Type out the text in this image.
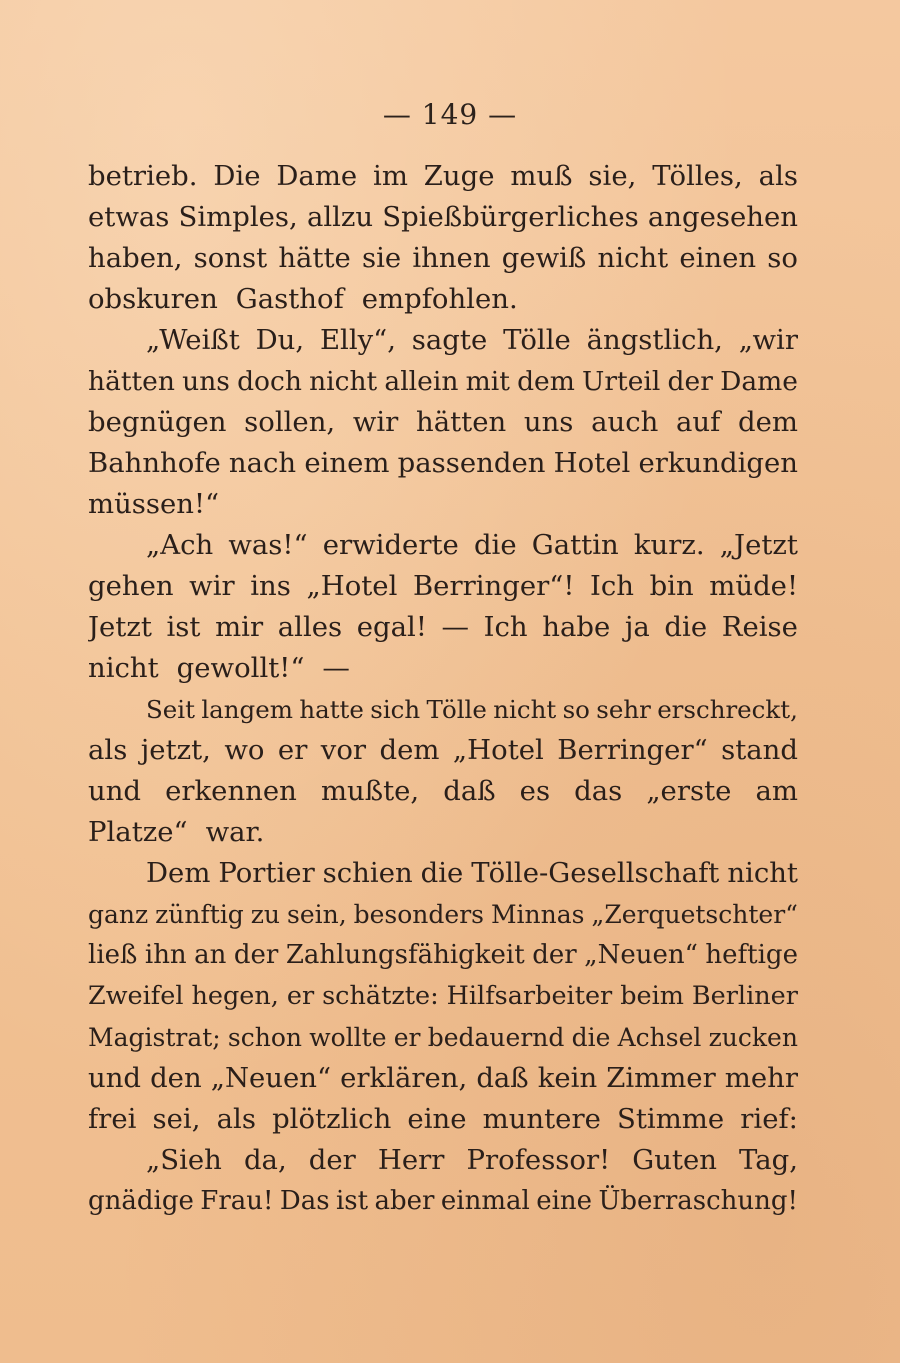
— 149 —
betrieb. Die Dame im Zuge muß sie, Tölles, als
etwas Simples, allzu Spießbürgerliches angesehen
haben, sonst hätte sie ihnen gewiß nicht einen so
obskuren Gasthof empfohlen.
„Weißt Du, Elly“, sagte Tölle ängstlich, „wir
hätten uns doch nicht allein mit dem Urteil der Dame
begnügen sollen, wir hätten uns auch auf dem
Bahnhofe nach einem passenden Hotel erkundigen
müssen!“
„Ach was!“ erwiderte die Gattin kurz. „Jetzt
gehen wir ins „Hotel Berringer“! Ich bin müde!
Jetzt ist mir alles egal! — Ich habe ja die Reise
nicht gewollt!“ —
Seit langem hatte sich Tölle nicht so sehr erschreckt,
als jetzt, wo er vor dem „Hotel Berringer“ stand
und erkennen mußte, daß es das „erste am
Platze“ war.
Dem Portier schien die Tölle-Gesellschaft nicht
ganz zünftig zu sein, besonders Minnas „Zerquetschter“
ließ ihn an der Zahlungsfähigkeit der „Neuen“ heftige
Zweifel hegen, er schätzte: Hilfsarbeiter beim Berliner
Magistrat; schon wollte er bedauernd die Achsel zucken
und den „Neuen“ erklären, daß kein Zimmer mehr
frei sei, als plötzlich eine muntere Stimme rief:
„Sieh da, der Herr Professor! Guten Tag,
gnädige Frau! Das ist aber einmal eine Überraschung!
